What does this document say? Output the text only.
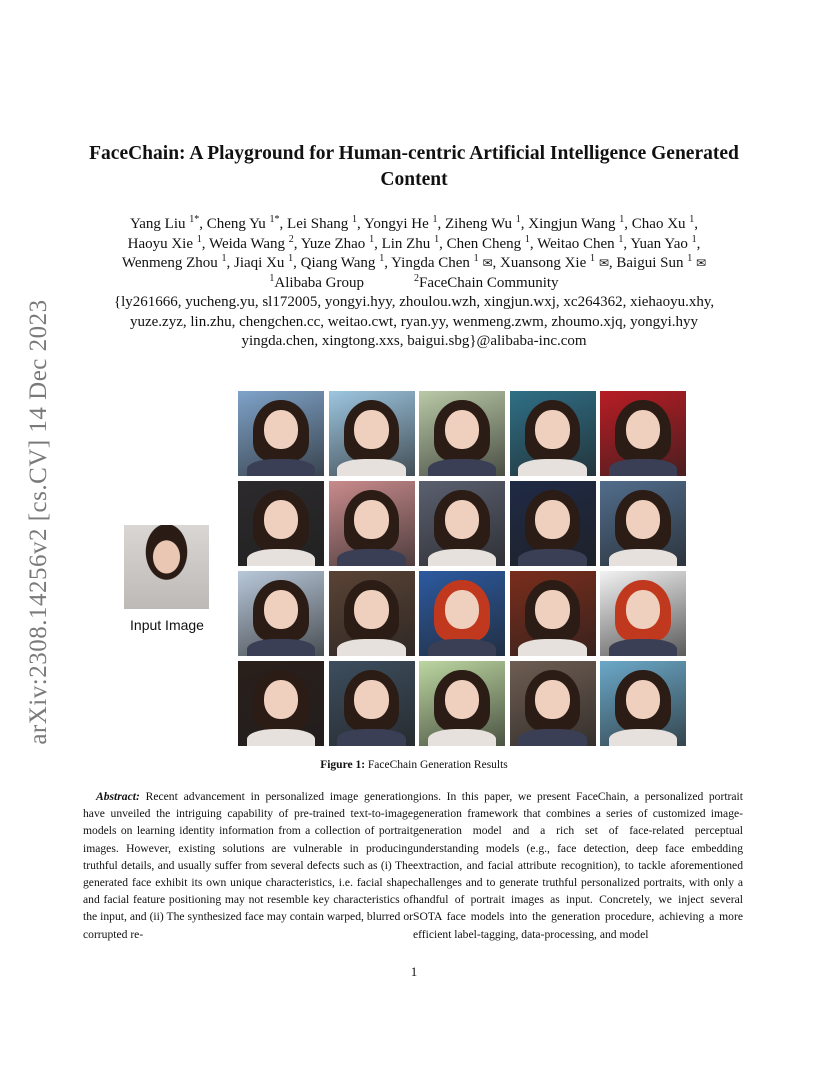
arXiv:2308.14256v2 [cs.CV] 14 Dec 2023
FaceChain: A Playground for Human-centric Artificial Intelligence Generated
Content
Yang Liu $^{1*}$, Cheng Yu $^{1*}$, Lei Shang $^1$, Yongyi He $^1$, Ziheng Wu $^1$, Xingjun Wang $^1$, Chao Xu $^1$,
Haoyu Xie $^1$, Weida Wang $^2$, Yuze Zhao $^1$, Lin Zhu $^1$, Chen Cheng $^1$, Weitao Chen $^1$, Yuan Yao $^1$,
Wenmeng Zhou $^1$, Jiaqi Xu $^1$, Qiang Wang $^1$, Yingda Chen $^1$ ✉, Xuansong Xie $^1$ ✉, Baigui Sun $^1$ ✉
$^1$Alibaba Group	$^2$FaceChain Community
{ly261666, yucheng.yu, sl172005, yongyi.hyy, zhoulou.wzh, xingjun.wxj, xc264362, xiehaoyu.xhy,
yuze.zyz, lin.zhu, chengchen.cc, weitao.cwt, ryan.yy, wenmeng.zwm, zhoumo.xjq, yongyi.hyy
yingda.chen, xingtong.xxs, baigui.sbg}@alibaba-inc.com
Input Image
Figure 1: FaceChain Generation Results
Abstract: Recent advancement in personalized image generation have unveiled the intriguing capability of pre-trained text-to-image models on learning identity information from a collection of portrait images. However, existing solutions are vulnerable in producing truthful details, and usually suffer from several defects such as (i) The generated face exhibit its own unique characteristics, i.e. facial shape and facial feature positioning may not resemble key characteristics of the input, and (ii) The synthesized face may contain warped, blurred or corrupted re-
gions. In this paper, we present FaceChain, a personalized portrait generation framework that combines a series of customized image-generation model and a rich set of face-related perceptual understanding models (e.g., face detection, deep face embedding extraction, and facial attribute recognition), to tackle aforementioned challenges and to generate truthful personalized portraits, with only a handful of portrait images as input. Concretely, we inject several SOTA face models into the generation procedure, achieving a more efficient label-tagging, data-processing, and model
1
